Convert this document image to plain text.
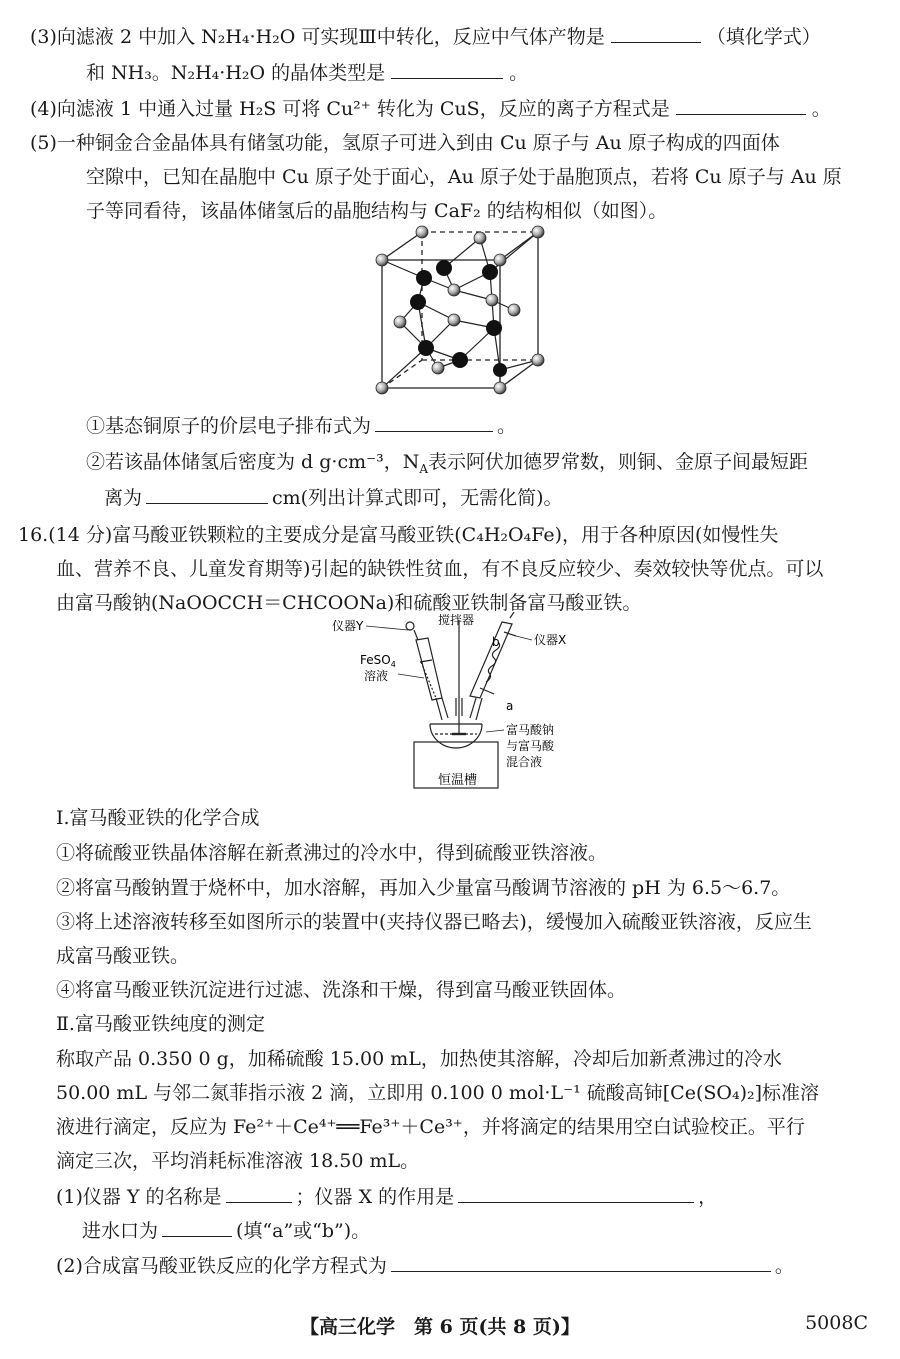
(3)向滤液 2 中加入 N₂H₄·H₂O 可实现Ⅲ中转化，反应中气体产物是	（填化学式）
和 NH₃。N₂H₄·H₂O 的晶体类型是	。
(4)向滤液 1 中通入过量 H₂S 可将 Cu²⁺ 转化为 CuS，反应的离子方程式是	。
(5)一种铜金合金晶体具有储氢功能，氢原子可进入到由 Cu 原子与 Au 原子构成的四面体
空隙中，已知在晶胞中 Cu 原子处于面心，Au 原子处于晶胞顶点，若将 Cu 原子与 Au 原
子等同看待，该晶体储氢后的晶胞结构与 CaF₂ 的结构相似（如图）。
①基态铜原子的价层电子排布式为	。
②若该晶体储氢后密度为 d g·cm⁻³，$N_A$表示阿伏加德罗常数，则铜、金原子间最短距
离为	cm(列出计算式即可，无需化简)。
16.(14 分)富马酸亚铁颗粒的主要成分是富马酸亚铁(C₄H₂O₄Fe)，用于各种原因(如慢性失
血、营养不良、儿童发育期等)引起的缺铁性贫血，有不良反应较少、奏效较快等优点。可以
由富马酸钠(NaOOCCH＝CHCOONa)和硫酸亚铁制备富马酸亚铁。
仪器Y	搅拌器
b	仪器X
FeSO$_4$
溶液
a
富马酸钠
与富马酸
混合液
恒温槽
Ⅰ.富马酸亚铁的化学合成
①将硫酸亚铁晶体溶解在新煮沸过的冷水中，得到硫酸亚铁溶液。
②将富马酸钠置于烧杯中，加水溶解，再加入少量富马酸调节溶液的 pH 为 6.5～6.7。
③将上述溶液转移至如图所示的装置中(夹持仪器已略去)，缓慢加入硫酸亚铁溶液，反应生
成富马酸亚铁。
④将富马酸亚铁沉淀进行过滤、洗涤和干燥，得到富马酸亚铁固体。
Ⅱ.富马酸亚铁纯度的测定
称取产品 0.350 0 g，加稀硫酸 15.00 mL，加热使其溶解，冷却后加新煮沸过的冷水
50.00 mL 与邻二氮菲指示液 2 滴，立即用 0.100 0 mol·L⁻¹ 硫酸高铈[Ce(SO₄)₂]标准溶
液进行滴定，反应为 Fe²⁺＋Ce⁴⁺══Fe³⁺＋Ce³⁺，并将滴定的结果用空白试验校正。平行
滴定三次，平均消耗标准溶液 18.50 mL。
(1)仪器 Y 的名称是	；仪器 X 的作用是	，
进水口为	(填“a”或“b”)。
(2)合成富马酸亚铁反应的化学方程式为	。
【高三化学　第 6 页(共 8 页)】	5008C
